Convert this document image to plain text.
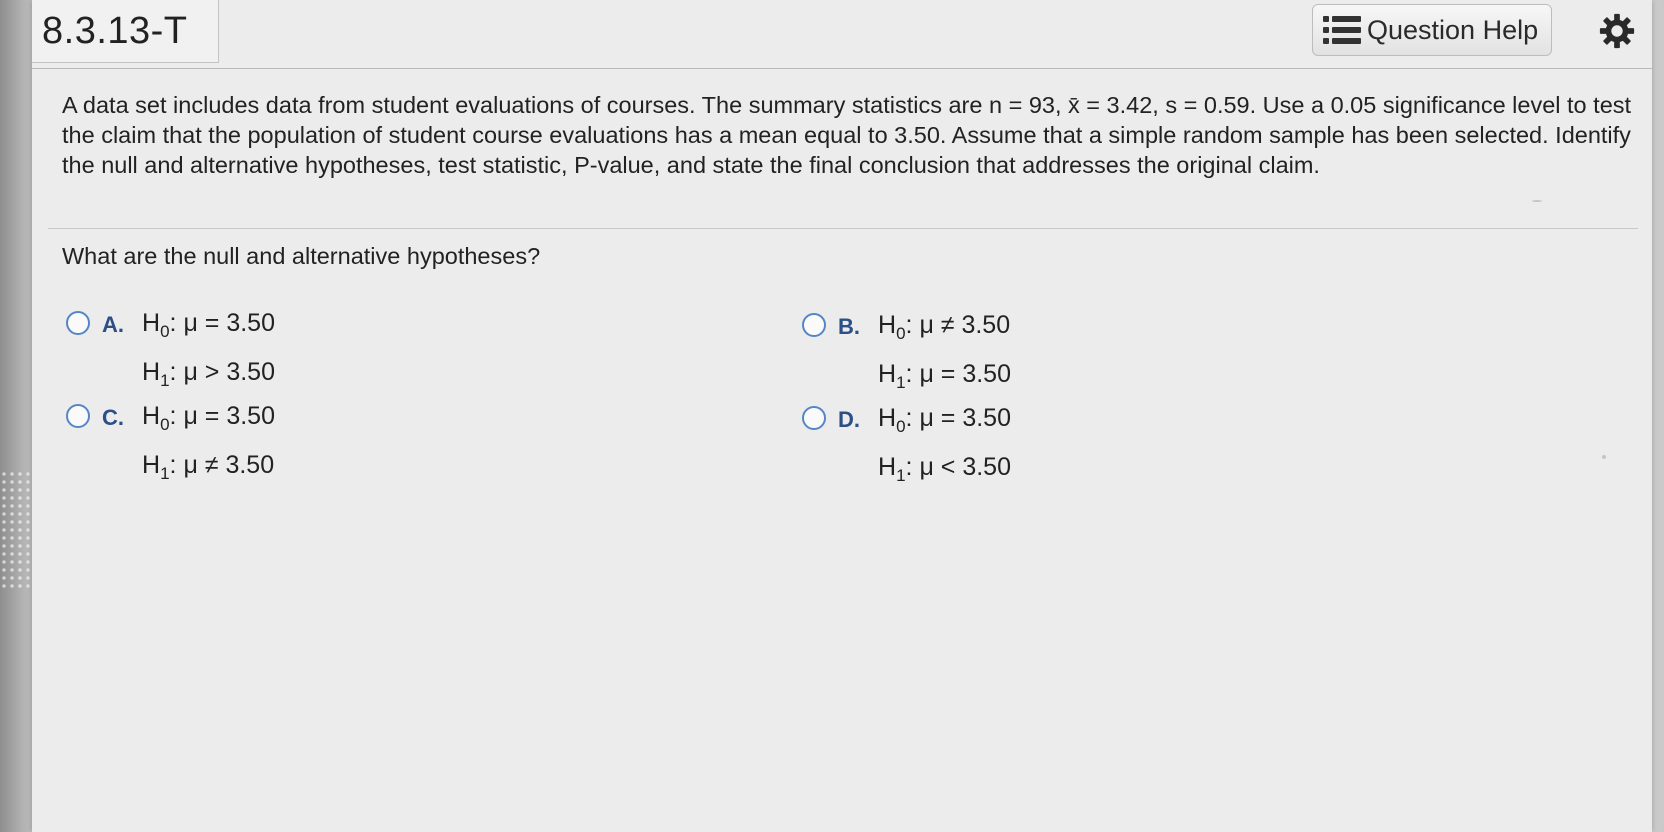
8.3.13-T	Question Help
A data set includes data from student evaluations of courses. The summary statistics are n = 93, x̄ = 3.42, s = 0.59. Use a 0.05 significance level to test the claim that the population of student course evaluations has a mean equal to 3.50. Assume that a simple random sample has been selected. Identify the null and alternative hypotheses, test statistic, P-value, and state the final conclusion that addresses the original claim.
What are the null and alternative hypotheses?
A. $H_0$: μ = 3.50
$H_1$: μ > 3.50
B. $H_0$: μ ≠ 3.50
$H_1$: μ = 3.50
C. $H_0$: μ = 3.50
$H_1$: μ ≠ 3.50
D. $H_0$: μ = 3.50
$H_1$: μ < 3.50
